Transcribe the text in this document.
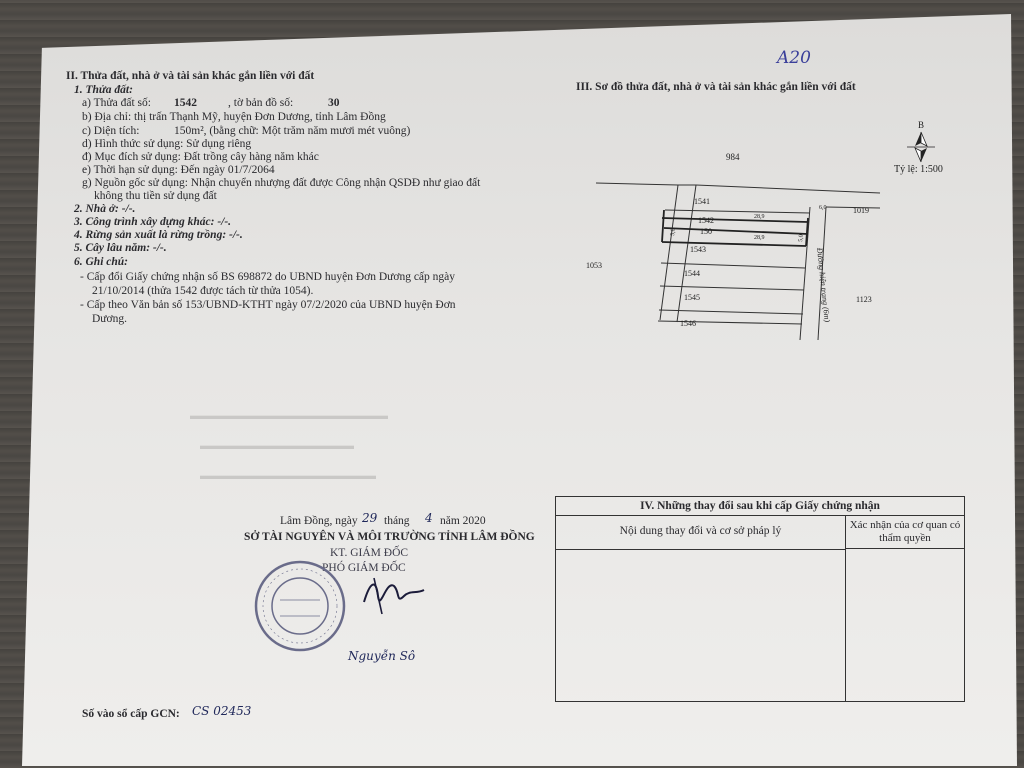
A20
II. Thửa đất, nhà ở và tài sản khác gắn liền với đất
1. Thửa đất:
a) Thửa đất số: 1542	, tờ bản đồ số:	30
b) Địa chỉ: thị trấn Thạnh Mỹ, huyện Đơn Dương, tỉnh Lâm Đồng
c) Diện tích:	150m², (bằng chữ: Một trăm năm mươi mét vuông)
d) Hình thức sử dụng: Sử dụng riêng
đ) Mục đích sử dụng: Đất trồng cây hàng năm khác
e) Thời hạn sử dụng: Đến ngày 01/7/2064
g) Nguồn gốc sử dụng: Nhận chuyển nhượng đất được Công nhận QSDĐ như giao đất
không thu tiền sử dụng đất
2. Nhà ở: -/-.
3. Công trình xây dựng khác: -/-.
4. Rừng sản xuất là rừng trồng: -/-.
5. Cây lâu năm: -/-.
6. Ghi chú:
- Cấp đổi Giấy chứng nhận số BS 698872 do UBND huyện Đơn Dương cấp ngày
21/10/2014 (thửa 1542 được tách từ thửa 1054).
- Cấp theo Văn bản số 153/UBND-KTHT ngày 07/2/2020 của UBND huyện Đơn
Dương.
III. Sơ đồ thửa đất, nhà ở và tài sản khác gắn liền với đất
B
Tỷ lệ: 1:500
984
1541
1542
150
1543
1544
1545
1546
1053
1019
1123
28,9
28,9
5,0
5,0
6,0
Đường hiện trạng (6m)
▬▬▬▬▬▬▬▬▬▬▬▬▬▬▬▬▬▬
▬▬▬▬▬▬▬▬▬▬▬▬▬▬
▬▬▬▬▬▬▬▬▬▬▬▬▬▬▬▬
Lâm Đồng, ngày 29 tháng 4 năm 2020
SỞ TÀI NGUYÊN VÀ MÔI TRƯỜNG TỈNH LÂM ĐỒNG
KT. GIÁM ĐỐC
PHÓ GIÁM ĐỐC
Nguyễn Sô
IV. Những thay đổi sau khi cấp Giấy chứng nhận
Nội dung thay đổi và cơ sở pháp lý	Xác nhận của cơ quan có thẩm quyền
Số vào sổ cấp GCN: CS 02453
